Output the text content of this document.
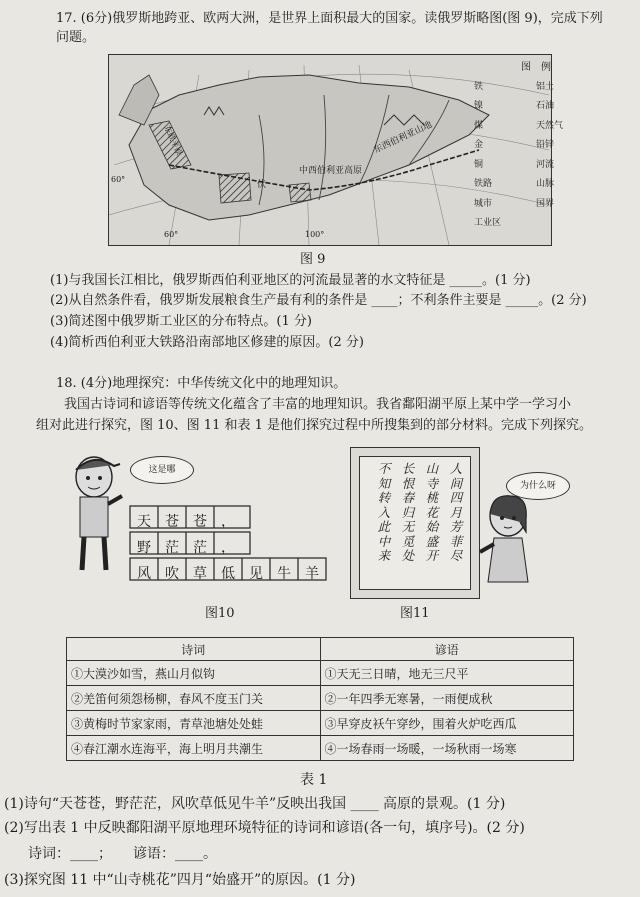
17. (6分)俄罗斯地跨亚、欧两大洲，是世界上面积最大的国家。读俄罗斯略图(图 9)，完成下列
问题。
东欧平原
中西伯利亚高原
东西伯利亚山地
伏
60°	100°
60°
图　例
铁	铝土
镍	石油
煤	天然气
金	铅锌
铜	河流
铁路	山脉
城市	国界
工业区
图 9
(1)与我国长江相比，俄罗斯西伯利亚地区的河流最显著的水文特征是 _____。(1 分)
(2)从自然条件看，俄罗斯发展粮食生产最有利的条件是 ____；不利条件主要是 _____。(2 分)
(3)简述图中俄罗斯工业区的分布特点。(1 分)
(4)简析西伯利亚大铁路沿南部地区修建的原因。(2 分)
18. (4分)地理探究：中华传统文化中的地理知识。
我国古诗词和谚语等传统文化蕴含了丰富的地理知识。我省鄱阳湖平原上某中学一学习小
组对此进行探究，图 10、图 11 和表 1 是他们探究过程中所搜集到的部分材料。完成下列探究。
这是哪
天 苍 苍 ，
野 茫 茫 ，
风 吹 草 低 见 牛 羊
图10
人间四月芳菲尽
山寺桃花始盛开
长恨春归无觅处
不知转入此中来
为什么呀
图11
诗词	谚语
①大漠沙如雪，燕山月似钩	①天无三日晴，地无三尺平
②羌笛何须怨杨柳，春风不度玉门关	②一年四季无寒暑，一雨便成秋
③黄梅时节家家雨，青草池塘处处蛙	③早穿皮袄午穿纱，围着火炉吃西瓜
④春江潮水连海平，海上明月共潮生	④一场春雨一场暖，一场秋雨一场寒
表 1
(1)诗句“天苍苍，野茫茫，风吹草低见牛羊”反映出我国 ____ 高原的景观。(1 分)
(2)写出表 1 中反映鄱阳湖平原地理环境特征的诗词和谚语(各一句，填序号)。(2 分)
诗词：____；　　谚语：____。
(3)探究图 11 中“山寺桃花”四月“始盛开”的原因。(1 分)
